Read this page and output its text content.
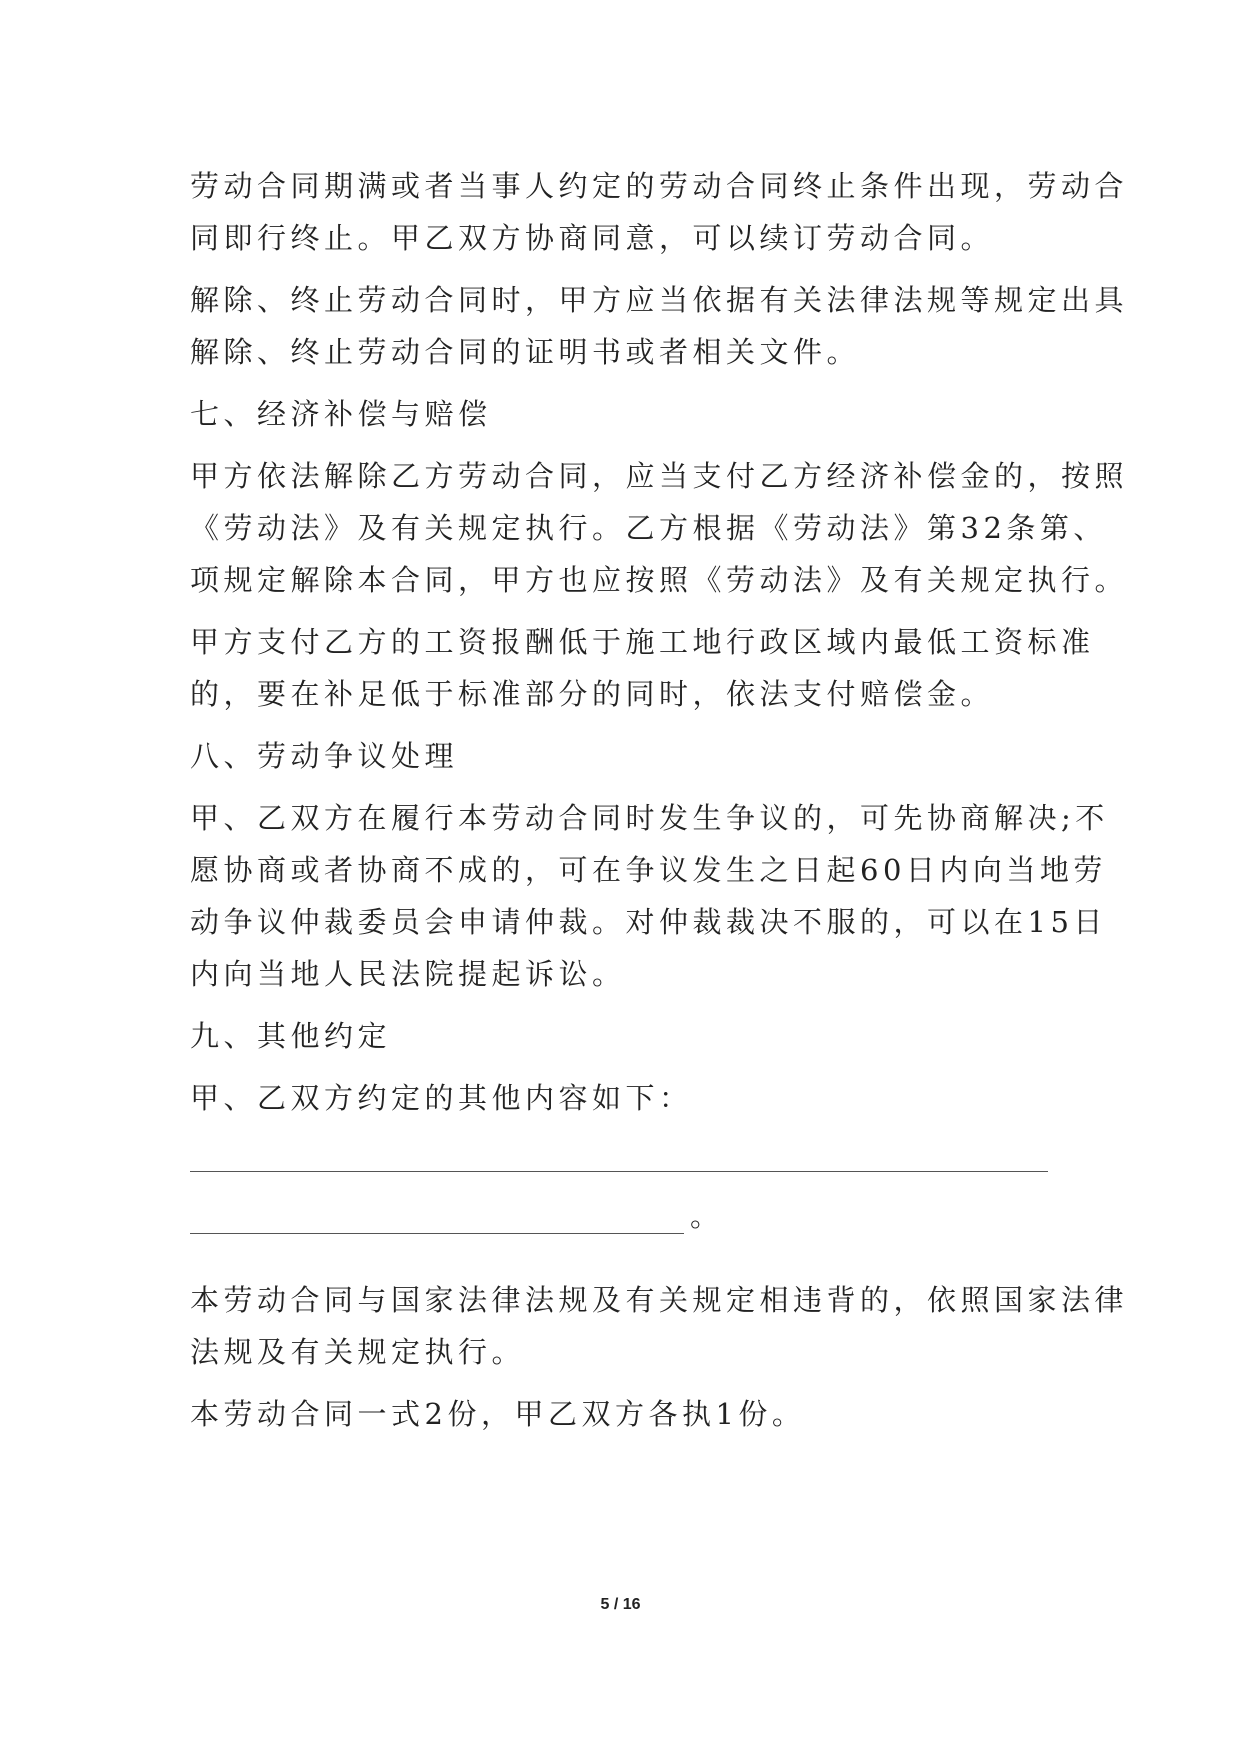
劳动合同期满或者当事人约定的劳动合同终止条件出现，劳动合

同即行终止。甲乙双方协商同意，可以续订劳动合同。

解除、终止劳动合同时，甲方应当依据有关法律法规等规定出具

解除、终止劳动合同的证明书或者相关文件。

七、经济补偿与赔偿

甲方依法解除乙方劳动合同，应当支付乙方经济补偿金的，按照

《劳动法》及有关规定执行。乙方根据《劳动法》第32条第、

项规定解除本合同，甲方也应按照《劳动法》及有关规定执行。

甲方支付乙方的工资报酬低于施工地行政区域内最低工资标准

的，要在补足低于标准部分的同时，依法支付赔偿金。

八、劳动争议处理

甲、乙双方在履行本劳动合同时发生争议的，可先协商解决;不

愿协商或者协商不成的，可在争议发生之日起60日内向当地劳

动争议仲裁委员会申请仲裁。对仲裁裁决不服的，可以在15日

内向当地人民法院提起诉讼。

九、其他约定

甲、乙双方约定的其他内容如下：

。

本劳动合同与国家法律法规及有关规定相违背的，依照国家法律

法规及有关规定执行。

本劳动合同一式2份，甲乙双方各执1份。

5 / 16
